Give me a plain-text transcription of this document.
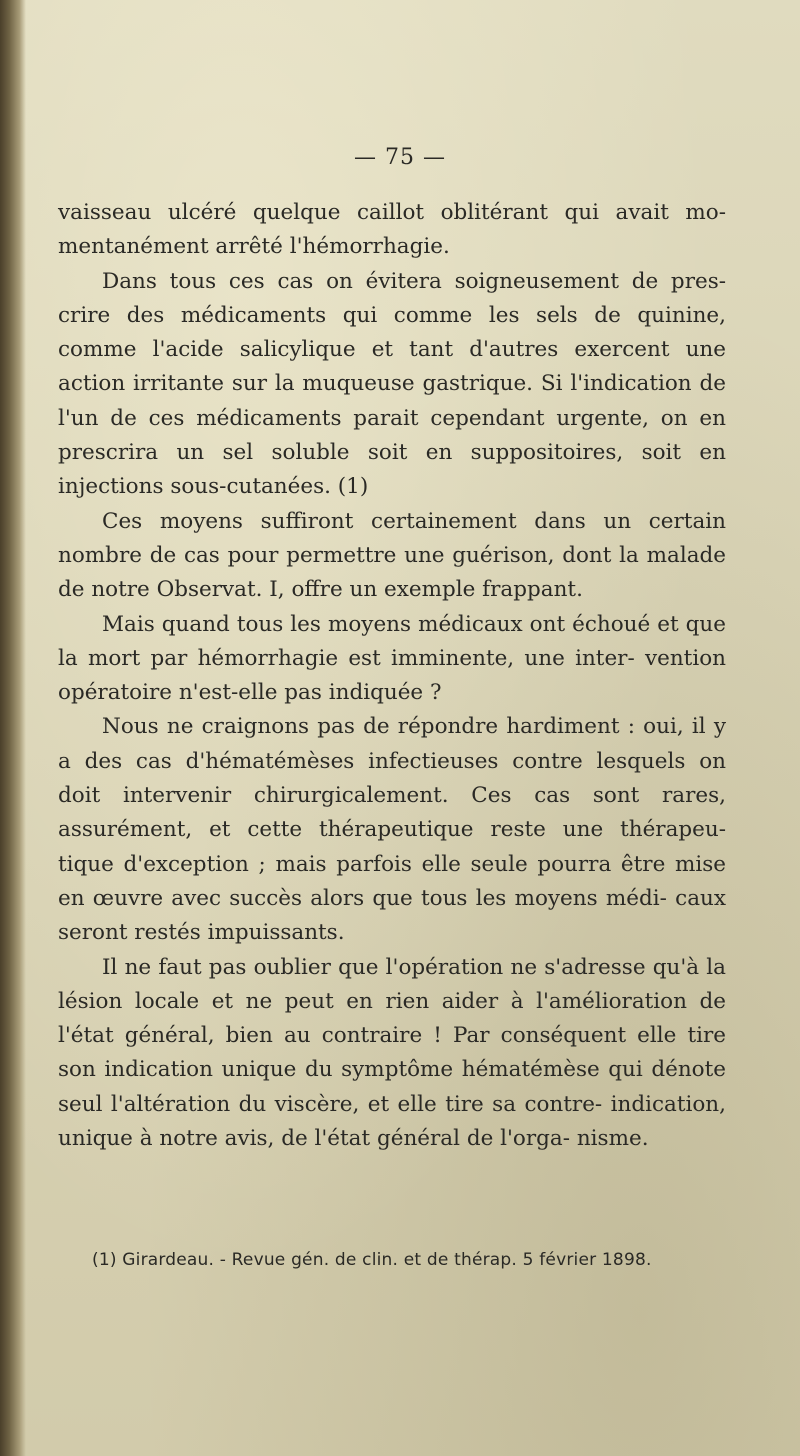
— 75 —

vaisseau ulcéré quelque caillot oblitérant qui avait mo- mentanément arrêté l'hémorrhagie.

Dans tous ces cas on évitera soigneusement de pres- crire des médicaments qui comme les sels de quinine, comme l'acide salicylique et tant d'autres exercent une action irritante sur la muqueuse gastrique. Si l'indication de l'un de ces médicaments parait cependant urgente, on en prescrira un sel soluble soit en suppositoires, soit en injections sous-cutanées. (1)

Ces moyens suffiront certainement dans un certain nombre de cas pour permettre une guérison, dont la malade de notre Observat. I, offre un exemple frappant.

Mais quand tous les moyens médicaux ont échoué et que la mort par hémorrhagie est imminente, une inter- vention opératoire n'est-elle pas indiquée ?

Nous ne craignons pas de répondre hardiment : oui, il y a des cas d'hématémèses infectieuses contre lesquels on doit intervenir chirurgicalement. Ces cas sont rares, assurément, et cette thérapeutique reste une thérapeu- tique d'exception ; mais parfois elle seule pourra être mise en œuvre avec succès alors que tous les moyens médi- caux seront restés impuissants.

Il ne faut pas oublier que l'opération ne s'adresse qu'à la lésion locale et ne peut en rien aider à l'amélioration de l'état général, bien au contraire ! Par conséquent elle tire son indication unique du symptôme hématémèse qui dénote seul l'altération du viscère, et elle tire sa contre- indication, unique à notre avis, de l'état général de l'orga- nisme.

(1) Girardeau. - Revue gén. de clin. et de thérap. 5 février 1898.
